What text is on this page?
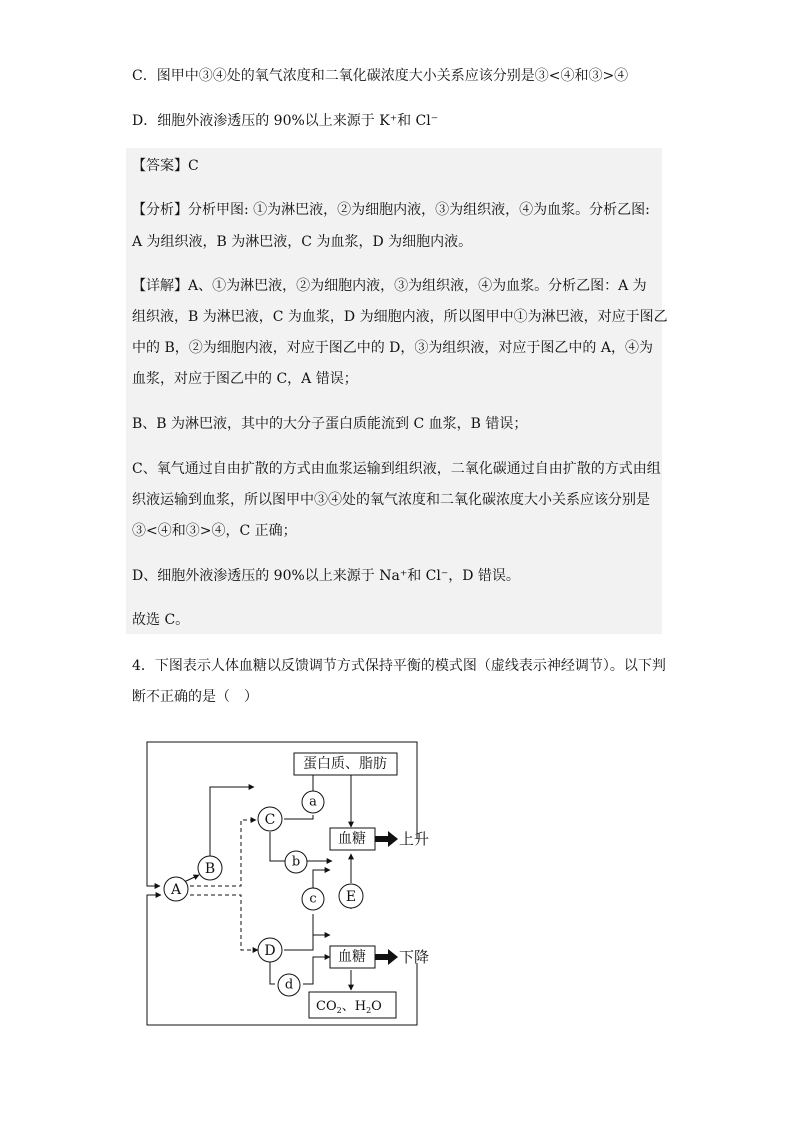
C．图甲中③④处的氧气浓度和二氧化碳浓度大小关系应该分别是③<④和③>④
D．细胞外液渗透压的 90%以上来源于 K⁺和 Cl⁻
【答案】C
【分析】分析甲图: ①为淋巴液，②为细胞内液，③为组织液，④为血浆。分析乙图:
A 为组织液，B 为淋巴液，C 为血浆，D 为细胞内液。
【详解】A、①为淋巴液，②为细胞内液，③为组织液，④为血浆。分析乙图：A 为
组织液，B 为淋巴液，C 为血浆，D 为细胞内液，所以图甲中①为淋巴液，对应于图乙
中的 B，②为细胞内液，对应于图乙中的 D，③为组织液，对应于图乙中的 A，④为
血浆，对应于图乙中的 C，A 错误；
B、B 为淋巴液，其中的大分子蛋白质能流到 C 血浆，B 错误；
C、氧气通过自由扩散的方式由血浆运输到组织液，二氧化碳通过自由扩散的方式由组
织液运输到血浆，所以图甲中③④处的氧气浓度和二氧化碳浓度大小关系应该分别是
③<④和③>④，C 正确；
D、细胞外液渗透压的 90%以上来源于 Na⁺和 Cl⁻，D 错误。
故选 C。
4．下图表示人体血糖以反馈调节方式保持平衡的模式图（虚线表示神经调节）。以下判
断不正确的是（　）
A
B
C
D
E
a
b
c
d
蛋白质、脂肪
血糖
血糖
上升
下降
$CO_2$、$H_2O$
